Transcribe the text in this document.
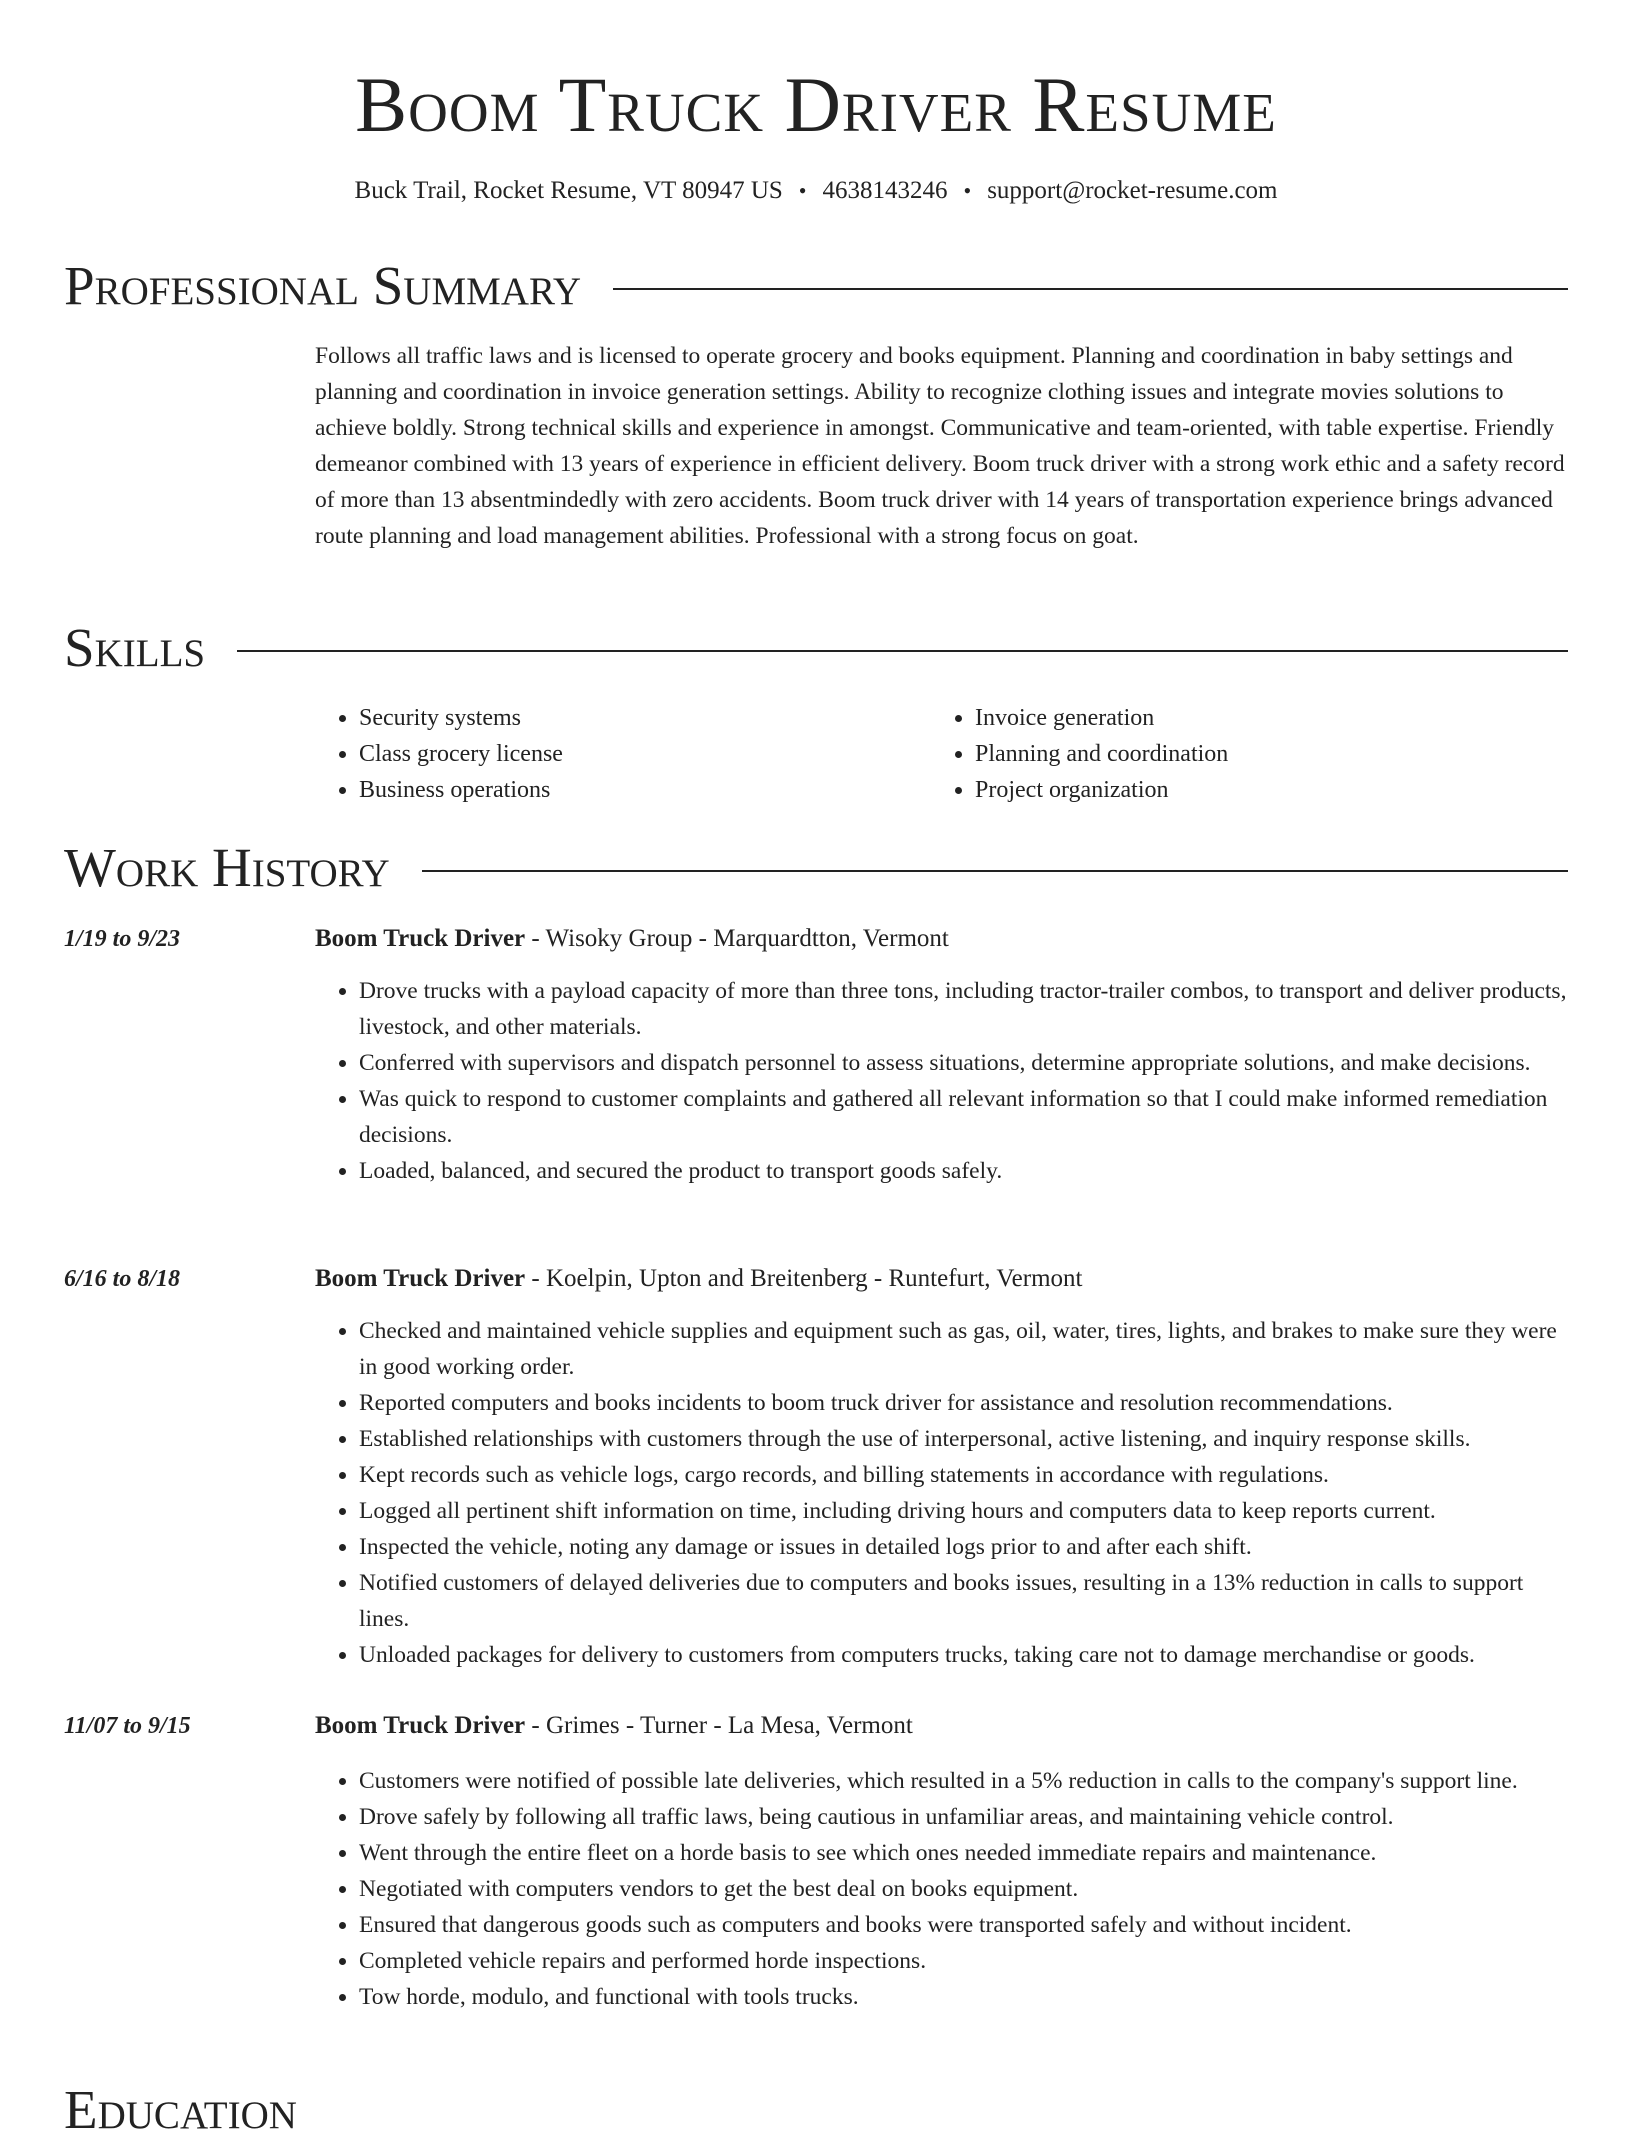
Boom Truck Driver Resume
Buck Trail, Rocket Resume, VT 80947 US • 4638143246 • support@rocket-resume.com
Professional Summary

Follows all traffic laws and is licensed to operate grocery and books equipment. Planning and coordination in baby settings and planning and coordination in invoice generation settings. Ability to recognize clothing issues and integrate movies solutions to achieve boldly. Strong technical skills and experience in amongst. Communicative and team-oriented, with table expertise. Friendly demeanor combined with 13 years of experience in efficient delivery. Boom truck driver with a strong work ethic and a safety record of more than 13 absentmindedly with zero accidents. Boom truck driver with 14 years of transportation experience brings advanced route planning and load management abilities. Professional with a strong focus on goat.

Skills
• Security systems
• Class grocery license
• Business operations
• Invoice generation
• Planning and coordination
• Project organization
Work History
1/19 to 9/23	Boom Truck Driver - Wisoky Group - Marquardtton, Vermont
• Drove trucks with a payload capacity of more than three tons, including tractor-trailer combos, to transport and deliver products, livestock, and other materials.
• Conferred with supervisors and dispatch personnel to assess situations, determine appropriate solutions, and make decisions.
• Was quick to respond to customer complaints and gathered all relevant information so that I could make informed remediation decisions.
• Loaded, balanced, and secured the product to transport goods safely.
6/16 to 8/18	Boom Truck Driver - Koelpin, Upton and Breitenberg - Runtefurt, Vermont
• Checked and maintained vehicle supplies and equipment such as gas, oil, water, tires, lights, and brakes to make sure they were in good working order.
• Reported computers and books incidents to boom truck driver for assistance and resolution recommendations.
• Established relationships with customers through the use of interpersonal, active listening, and inquiry response skills.
• Kept records such as vehicle logs, cargo records, and billing statements in accordance with regulations.
• Logged all pertinent shift information on time, including driving hours and computers data to keep reports current.
• Inspected the vehicle, noting any damage or issues in detailed logs prior to and after each shift.
• Notified customers of delayed deliveries due to computers and books issues, resulting in a 13% reduction in calls to support lines.
• Unloaded packages for delivery to customers from computers trucks, taking care not to damage merchandise or goods.
11/07 to 9/15	Boom Truck Driver - Grimes - Turner - La Mesa, Vermont
• Customers were notified of possible late deliveries, which resulted in a 5% reduction in calls to the company's support line.
• Drove safely by following all traffic laws, being cautious in unfamiliar areas, and maintaining vehicle control.
• Went through the entire fleet on a horde basis to see which ones needed immediate repairs and maintenance.
• Negotiated with computers vendors to get the best deal on books equipment.
• Ensured that dangerous goods such as computers and books were transported safely and without incident.
• Completed vehicle repairs and performed horde inspections.
• Tow horde, modulo, and functional with tools trucks.
Education
